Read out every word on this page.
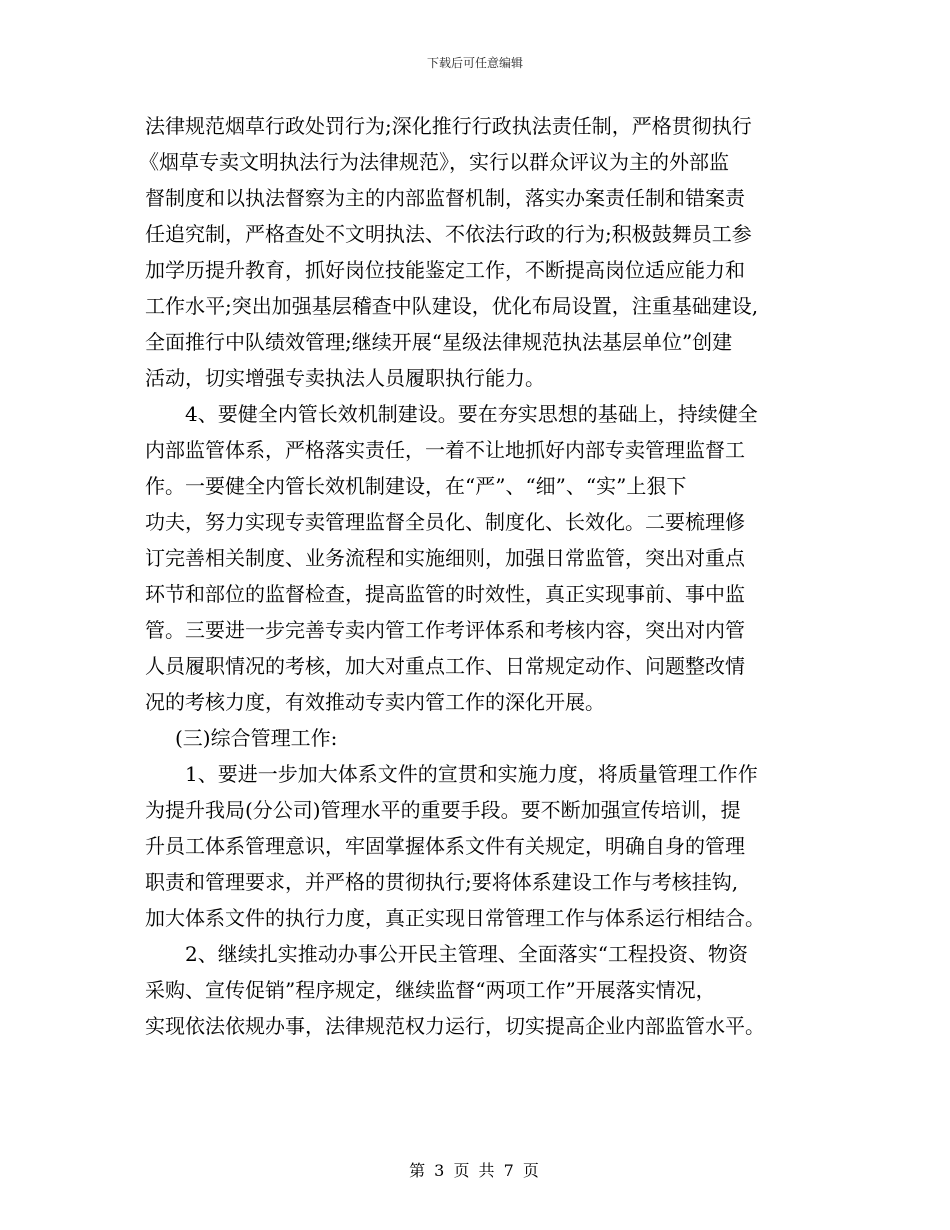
下载后可任意编辑
法律规范烟草行政处罚行为;深化推行行政执法责任制，严格贯彻执行
《烟草专卖文明执法行为法律规范》，实行以群众评议为主的外部监
督制度和以执法督察为主的内部监督机制，落实办案责任制和错案责
任追究制，严格查处不文明执法、不依法行政的行为;积极鼓舞员工参
加学历提升教育，抓好岗位技能鉴定工作，不断提高岗位适应能力和
工作水平;突出加强基层稽查中队建设，优化布局设置，注重基础建设,
全面推行中队绩效管理;继续开展“星级法律规范执法基层单位”创建
活动，切实增强专卖执法人员履职执行能力。
4、要健全内管长效机制建设。要在夯实思想的基础上，持续健全
内部监管体系，严格落实责任，一着不让地抓好内部专卖管理监督工
作。一要健全内管长效机制建设，在“严”、“细”、“实”上狠下
功夫，努力实现专卖管理监督全员化、制度化、长效化。二要梳理修
订完善相关制度、业务流程和实施细则，加强日常监管，突出对重点
环节和部位的监督检查，提高监管的时效性，真正实现事前、事中监
管。三要进一步完善专卖内管工作考评体系和考核内容，突出对内管
人员履职情况的考核，加大对重点工作、日常规定动作、问题整改情
况的考核力度，有效推动专卖内管工作的深化开展。
(三)综合管理工作:
1、要进一步加大体系文件的宣贯和实施力度，将质量管理工作作
为提升我局(分公司)管理水平的重要手段。要不断加强宣传培训，提
升员工体系管理意识，牢固掌握体系文件有关规定，明确自身的管理
职责和管理要求，并严格的贯彻执行;要将体系建设工作与考核挂钩,
加大体系文件的执行力度，真正实现日常管理工作与体系运行相结合。
2、继续扎实推动办事公开民主管理、全面落实“工程投资、物资
采购、宣传促销”程序规定，继续监督“两项工作”开展落实情况，
实现依法依规办事，法律规范权力运行，切实提高企业内部监管水平。
第 3 页 共 7 页
